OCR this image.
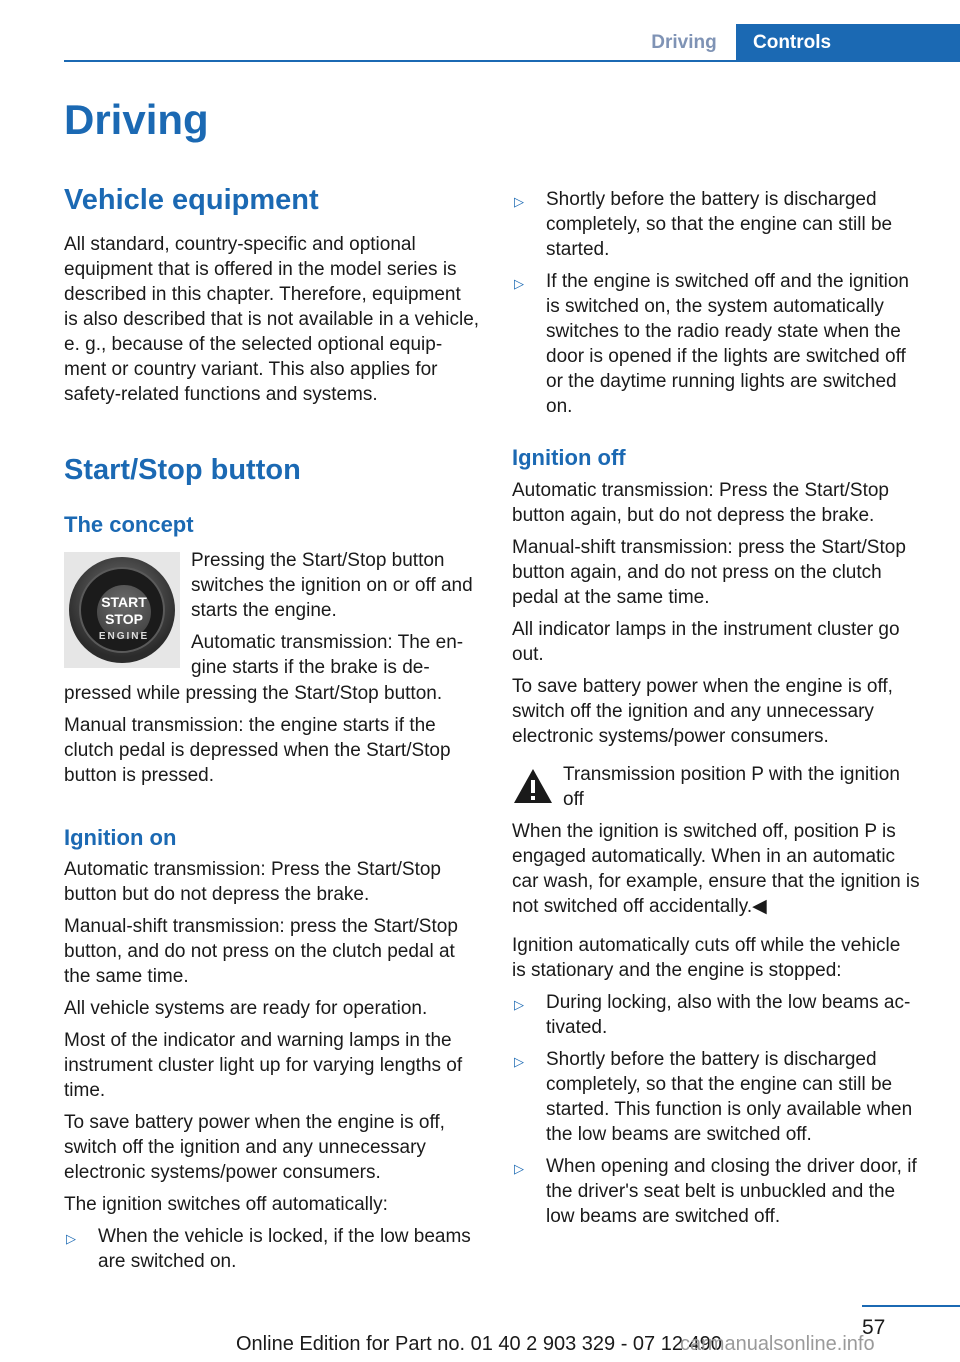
Driving	Controls
Driving
Vehicle equipment

All standard, country-specific and optional

equipment that is offered in the model series is

described in this chapter. Therefore, equipment

is also described that is not available in a vehicle,

e. g., because of the selected optional equip‐

ment or country variant. This also applies for

safety-related functions and systems.

Start/Stop button
The concept
START
STOP
ENGINE

Pressing the Start/Stop button

switches the ignition on or off and

starts the engine.

Automatic transmission: The en‐

gine starts if the brake is de‐

pressed while pressing the Start/Stop button.

Manual transmission: the engine starts if the

clutch pedal is depressed when the Start/Stop

button is pressed.

Ignition on

Automatic transmission: Press the Start/Stop

button but do not depress the brake.

Manual-shift transmission: press the Start/Stop

button, and do not press on the clutch pedal at

the same time.

All vehicle systems are ready for operation.

Most of the indicator and warning lamps in the

instrument cluster light up for varying lengths of

time.

To save battery power when the engine is off,

switch off the ignition and any unnecessary

electronic systems/power consumers.

The ignition switches off automatically:

▷ When the vehicle is locked, if the low beams
are switched on.
▷ Shortly before the battery is discharged
completely, so that the engine can still be
started.
▷ If the engine is switched off and the ignition
is switched on, the system automatically
switches to the radio ready state when the
door is opened if the lights are switched off
or the daytime running lights are switched
on.
Ignition off

Automatic transmission: Press the Start/Stop

button again, but do not depress the brake.

Manual-shift transmission: press the Start/Stop

button again, and do not press on the clutch

pedal at the same time.

All indicator lamps in the instrument cluster go

out.

To save battery power when the engine is off,

switch off the ignition and any unnecessary

electronic systems/power consumers.

Transmission position P with the ignition

off

When the ignition is switched off, position P is

engaged automatically. When in an automatic

car wash, for example, ensure that the ignition is

not switched off accidentally.◀

Ignition automatically cuts off while the vehicle

is stationary and the engine is stopped:

▷ During locking, also with the low beams ac‐
tivated.
▷ Shortly before the battery is discharged
completely, so that the engine can still be
started. This function is only available when
the low beams are switched off.
▷ When opening and closing the driver door, if
the driver's seat belt is unbuckled and the
low beams are switched off.
57
Online Edition for Part no. 01 40 2 903 329 - 07 12 490
carmanualsonline.info
